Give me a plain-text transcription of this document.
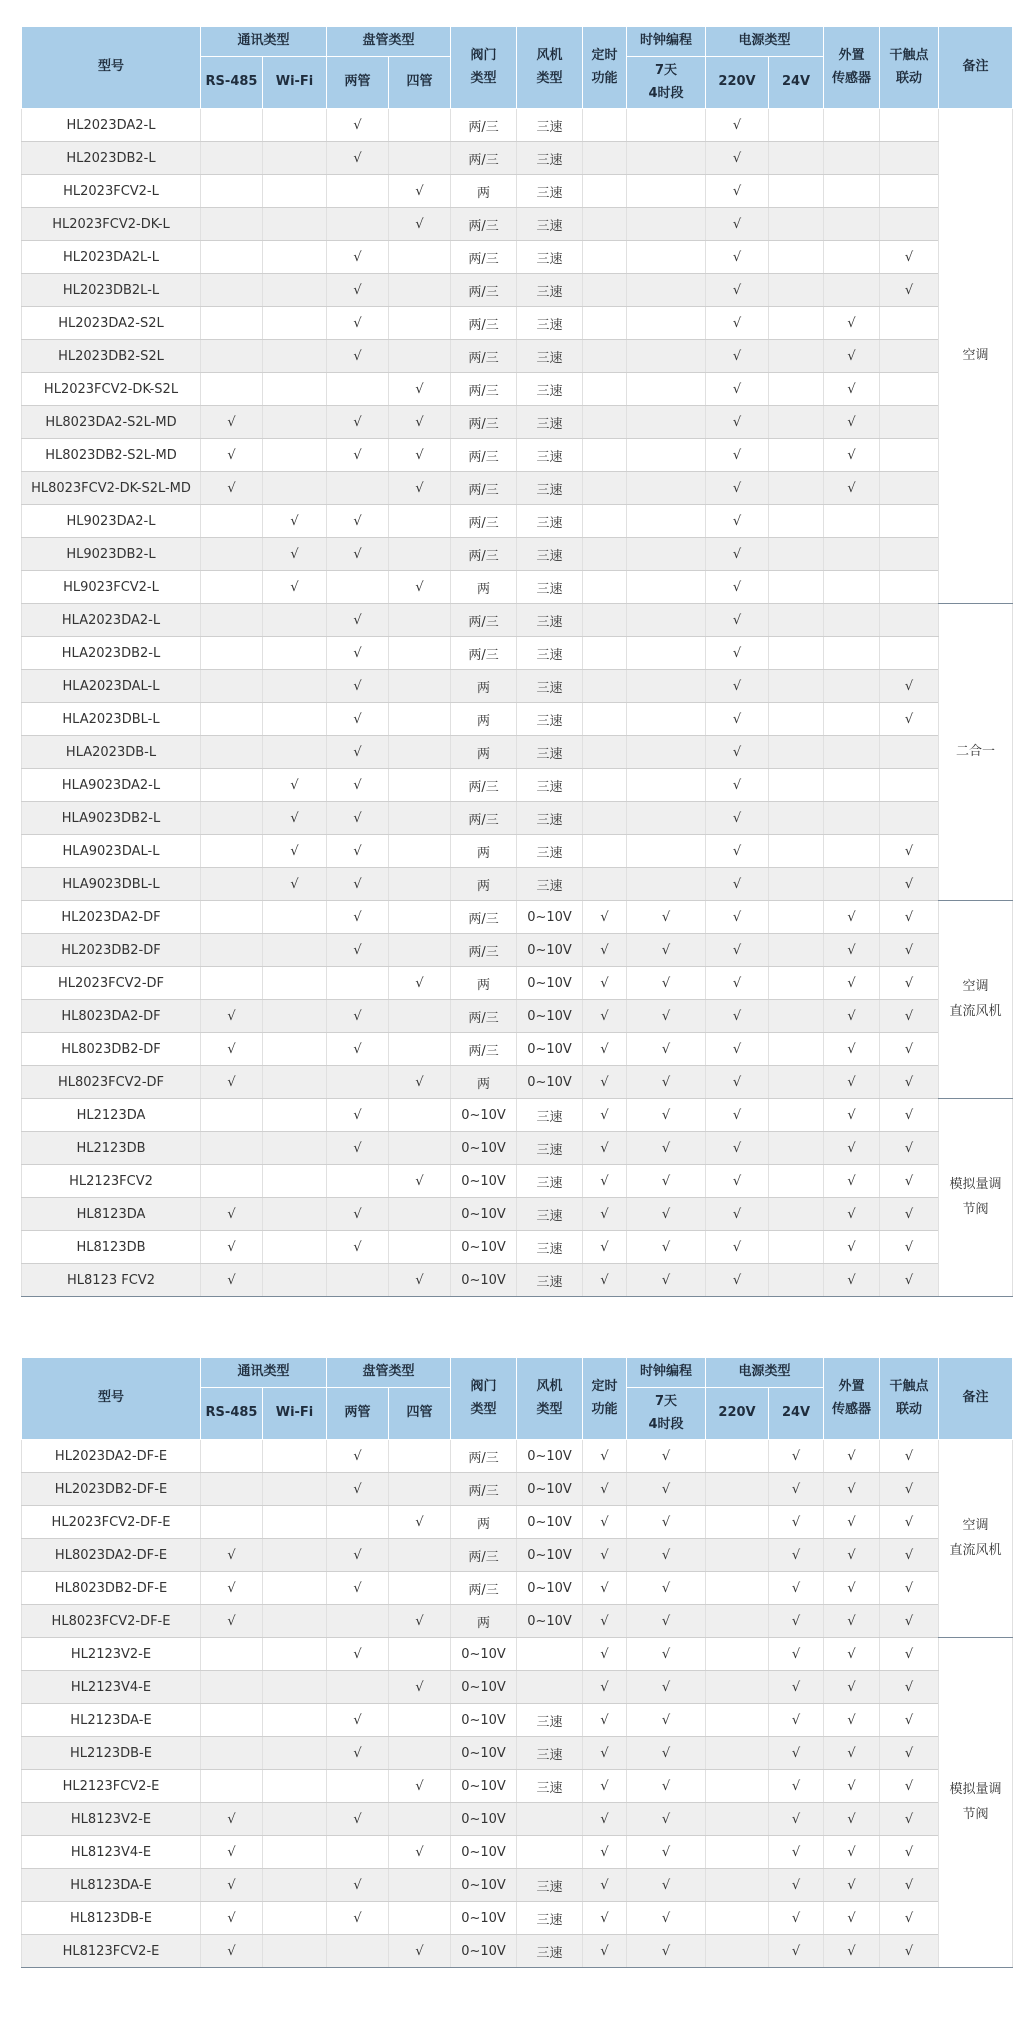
型号	通讯类型		盘管类型		阀门
类型	风机
类型	定时
功能	时钟编程	电源类型		外置
传感器	干触点
联动	备注
	RS-485	Wi-Fi	两管	四管				7天
4时段	220V	24V			
HL2023DA2-L			√		两/三	三速			√				空调
HL2023DB2-L			√		两/三	三速			√				
HL2023FCV2-L				√	两	三速			√				
HL2023FCV2-DK-L				√	两/三	三速			√				
HL2023DA2L-L			√		两/三	三速			√			√	
HL2023DB2L-L			√		两/三	三速			√			√	
HL2023DA2-S2L			√		两/三	三速			√		√		
HL2023DB2-S2L			√		两/三	三速			√		√		
HL2023FCV2-DK-S2L				√	两/三	三速			√		√		
HL8023DA2-S2L-MD	√		√	√	两/三	三速			√		√		
HL8023DB2-S2L-MD	√		√	√	两/三	三速			√		√		
HL8023FCV2-DK-S2L-MD	√			√	两/三	三速			√		√		
HL9023DA2-L		√	√		两/三	三速			√				
HL9023DB2-L		√	√		两/三	三速			√				
HL9023FCV2-L		√		√	两	三速			√				
HLA2023DA2-L			√		两/三	三速			√				二合一
HLA2023DB2-L			√		两/三	三速			√				
HLA2023DAL-L			√		两	三速			√			√	
HLA2023DBL-L			√		两	三速			√			√	
HLA2023DB-L			√		两	三速			√				
HLA9023DA2-L		√	√		两/三	三速			√				
HLA9023DB2-L		√	√		两/三	三速			√				
HLA9023DAL-L		√	√		两	三速			√			√	
HLA9023DBL-L		√	√		两	三速			√			√	
HL2023DA2-DF			√		两/三	0~10V	√	√	√		√	√	空调
直流风机
HL2023DB2-DF			√		两/三	0~10V	√	√	√		√	√	
HL2023FCV2-DF				√	两	0~10V	√	√	√		√	√	
HL8023DA2-DF	√		√		两/三	0~10V	√	√	√		√	√	
HL8023DB2-DF	√		√		两/三	0~10V	√	√	√		√	√	
HL8023FCV2-DF	√			√	两	0~10V	√	√	√		√	√	
HL2123DA			√		0~10V	三速	√	√	√		√	√	模拟量调
节阀
HL2123DB			√		0~10V	三速	√	√	√		√	√	
HL2123FCV2				√	0~10V	三速	√	√	√		√	√	
HL8123DA	√		√		0~10V	三速	√	√	√		√	√	
HL8123DB	√		√		0~10V	三速	√	√	√		√	√	
HL8123 FCV2	√			√	0~10V	三速	√	√	√		√	√	
型号	通讯类型		盘管类型		阀门
类型	风机
类型	定时
功能	时钟编程	电源类型		外置
传感器	干触点
联动	备注
	RS-485	Wi-Fi	两管	四管				7天
4时段	220V	24V			
HL2023DA2-DF-E			√		两/三	0~10V	√	√		√	√	√	空调
直流风机
HL2023DB2-DF-E			√		两/三	0~10V	√	√		√	√	√	
HL2023FCV2-DF-E				√	两	0~10V	√	√		√	√	√	
HL8023DA2-DF-E	√		√		两/三	0~10V	√	√		√	√	√	
HL8023DB2-DF-E	√		√		两/三	0~10V	√	√		√	√	√	
HL8023FCV2-DF-E	√			√	两	0~10V	√	√		√	√	√	
HL2123V2-E			√		0~10V		√	√		√	√	√	模拟量调
节阀
HL2123V4-E				√	0~10V		√	√		√	√	√	
HL2123DA-E			√		0~10V	三速	√	√		√	√	√	
HL2123DB-E			√		0~10V	三速	√	√		√	√	√	
HL2123FCV2-E				√	0~10V	三速	√	√		√	√	√	
HL8123V2-E	√		√		0~10V		√	√		√	√	√	
HL8123V4-E	√			√	0~10V		√	√		√	√	√	
HL8123DA-E	√		√		0~10V	三速	√	√		√	√	√	
HL8123DB-E	√		√		0~10V	三速	√	√		√	√	√	
HL8123FCV2-E	√			√	0~10V	三速	√	√		√	√	√	
